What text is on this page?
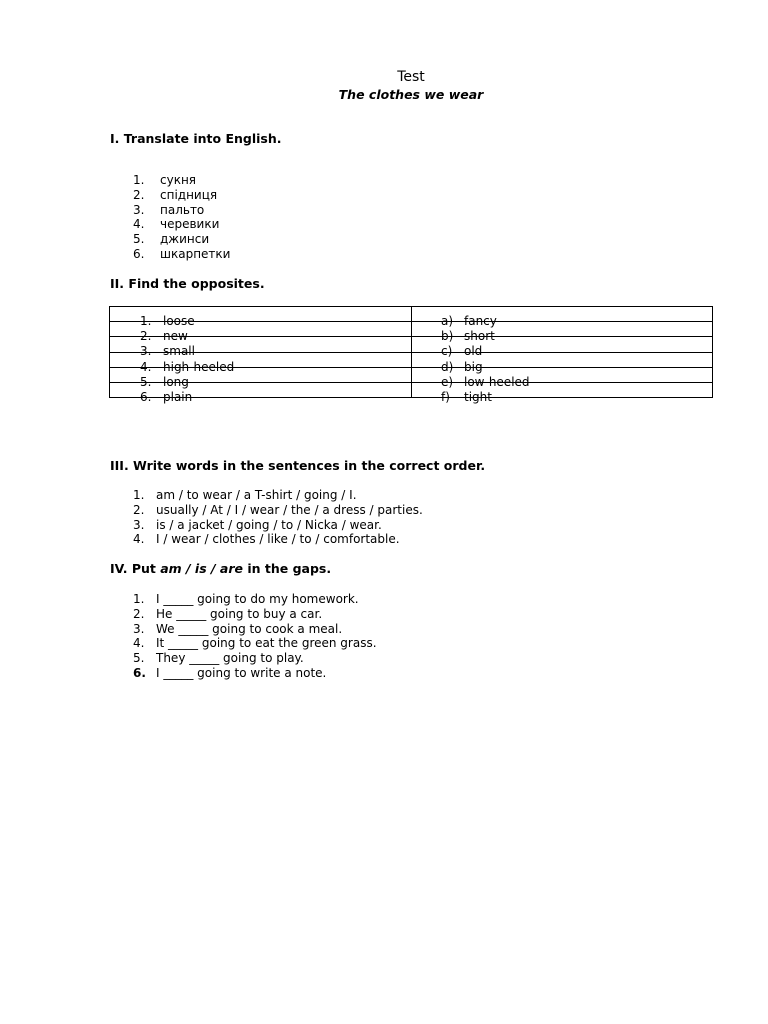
Test
The clothes we wear
I. Translate into English.
1.	сукня
2.	спідниця
3.	пальто
4.	черевики
5.	джинси
6.	шкарпетки
II. Find the opposites.
1. loose	a) fancy

2. new	b) short

3. small	c) old

4. high-heeled	d) big

5. long	e) low-heeled

6. plain	f) tight
III. Write words in the sentences in the correct order.
1. am / to wear / a T-shirt / going / I.
2. usually / At / I / wear / the / a dress / parties.
3. is / a jacket / going / to / Nicka / wear.
4. I / wear / clothes / like / to / comfortable.
IV. Put am / is / are in the gaps.
1. I _____ going to do my homework.
2. He _____ going to buy a car.
3. We _____ going to cook a meal.
4. It _____ going to eat the green grass.
5. They _____ going to play.
6. I _____ going to write a note.
